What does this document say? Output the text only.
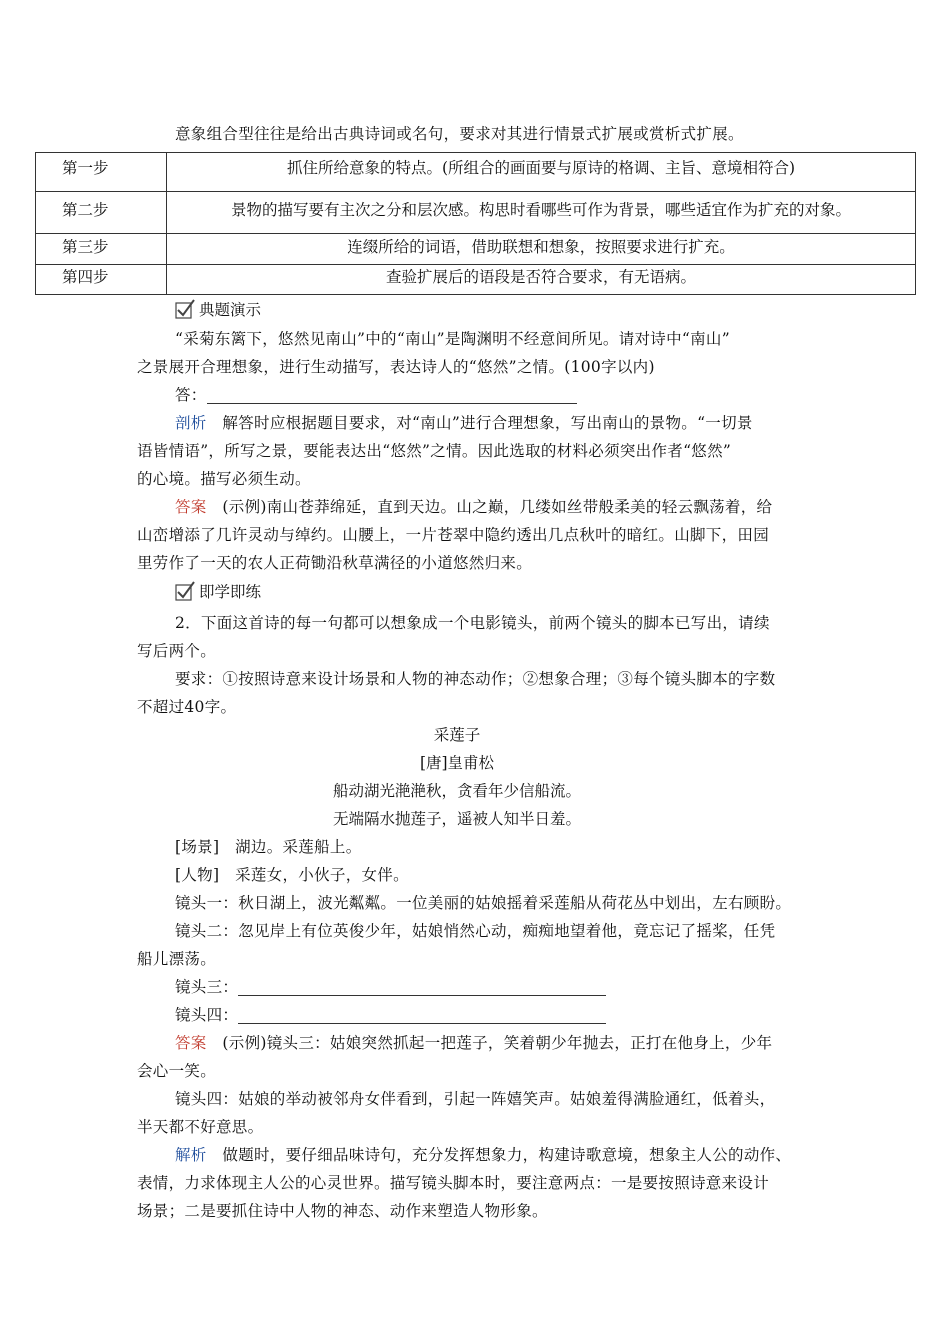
意象组合型往往是给出古典诗词或名句，要求对其进行情景式扩展或赏析式扩展。
第一步	抓住所给意象的特点。(所组合的画面要与原诗的格调、主旨、意境相符合)
第二步	景物的描写要有主次之分和层次感。构思时看哪些可作为背景，哪些适宜作为扩充的对象。
第三步	连缀所给的词语，借助联想和想象，按照要求进行扩充。
第四步	查验扩展后的语段是否符合要求，有无语病。
典题演示
“采菊东篱下，悠然见南山”中的“南山”是陶渊明不经意间所见。请对诗中“南山”
之景展开合理想象，进行生动描写，表达诗人的“悠然”之情。(100字以内)
答：
剖析　 解答时应根据题目要求，对“南山”进行合理想象，写出南山的景物。“一切景
语皆情语”，所写之景，要能表达出“悠然”之情。因此选取的材料必须突出作者“悠然”
的心境。描写必须生动。
答案　 (示例)南山苍莽绵延，直到天边。山之巅，几缕如丝带般柔美的轻云飘荡着，给
山峦增添了几许灵动与绰约。山腰上，一片苍翠中隐约透出几点秋叶的暗红。山脚下，田园
里劳作了一天的农人正荷锄沿秋草满径的小道悠然归来。
即学即练
2．下面这首诗的每一句都可以想象成一个电影镜头，前两个镜头的脚本已写出，请续
写后两个。
要求：①按照诗意来设计场景和人物的神态动作；②想象合理；③每个镜头脚本的字数
不超过40字。
采莲子
[唐]皇甫松
船动湖光滟滟秋，贪看年少信船流。
无端隔水抛莲子，遥被人知半日羞。
[场景]　湖边。采莲船上。
[人物]　采莲女，小伙子，女伴。
镜头一：秋日湖上，波光粼粼。一位美丽的姑娘摇着采莲船从荷花丛中划出，左右顾盼。
镜头二：忽见岸上有位英俊少年，姑娘悄然心动，痴痴地望着他，竟忘记了摇桨，任凭
船儿漂荡。
镜头三：
镜头四：
答案　 (示例)镜头三：姑娘突然抓起一把莲子，笑着朝少年抛去，正打在他身上，少年
会心一笑。
镜头四：姑娘的举动被邻舟女伴看到，引起一阵嬉笑声。姑娘羞得满脸通红，低着头，
半天都不好意思。
解析　 做题时，要仔细品味诗句，充分发挥想象力，构建诗歌意境，想象主人公的动作、
表情，力求体现主人公的心灵世界。描写镜头脚本时，要注意两点：一是要按照诗意来设计
场景；二是要抓住诗中人物的神态、动作来塑造人物形象。
